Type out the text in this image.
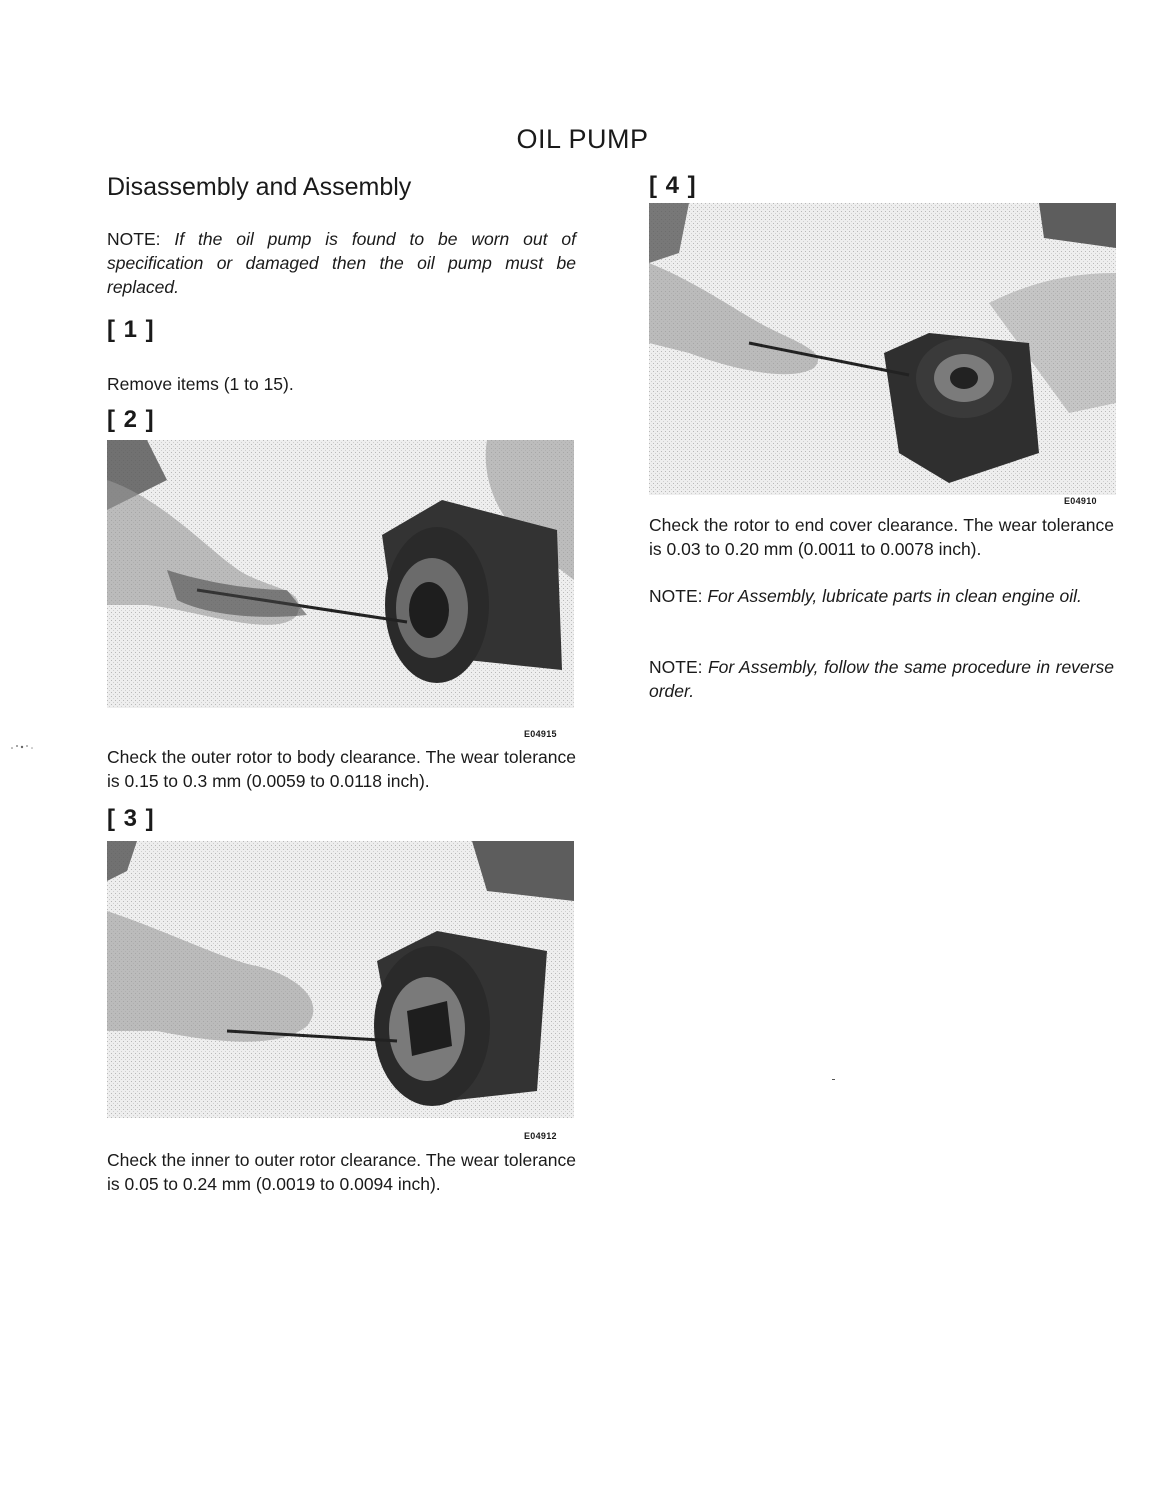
OIL PUMP
Disassembly and Assembly
NOTE: If the oil pump is found to be worn out of specification or damaged then the oil pump must be replaced.
[ 1 ]
Remove items (1 to 15).
[ 2 ]
E04915
Check the outer rotor to body clearance. The wear tolerance is 0.15 to 0.3 mm (0.0059 to 0.0118 inch).
[ 3 ]
E04912
Check the inner to outer rotor clearance. The wear tolerance is 0.05 to 0.24 mm (0.0019 to 0.0094 inch).
[ 4 ]
E04910
Check the rotor to end cover clearance. The wear tolerance is 0.03 to 0.20 mm (0.0011 to 0.0078 inch).
NOTE: For Assembly, lubricate parts in clean engine oil.
NOTE: For Assembly, follow the same procedure in reverse order.
